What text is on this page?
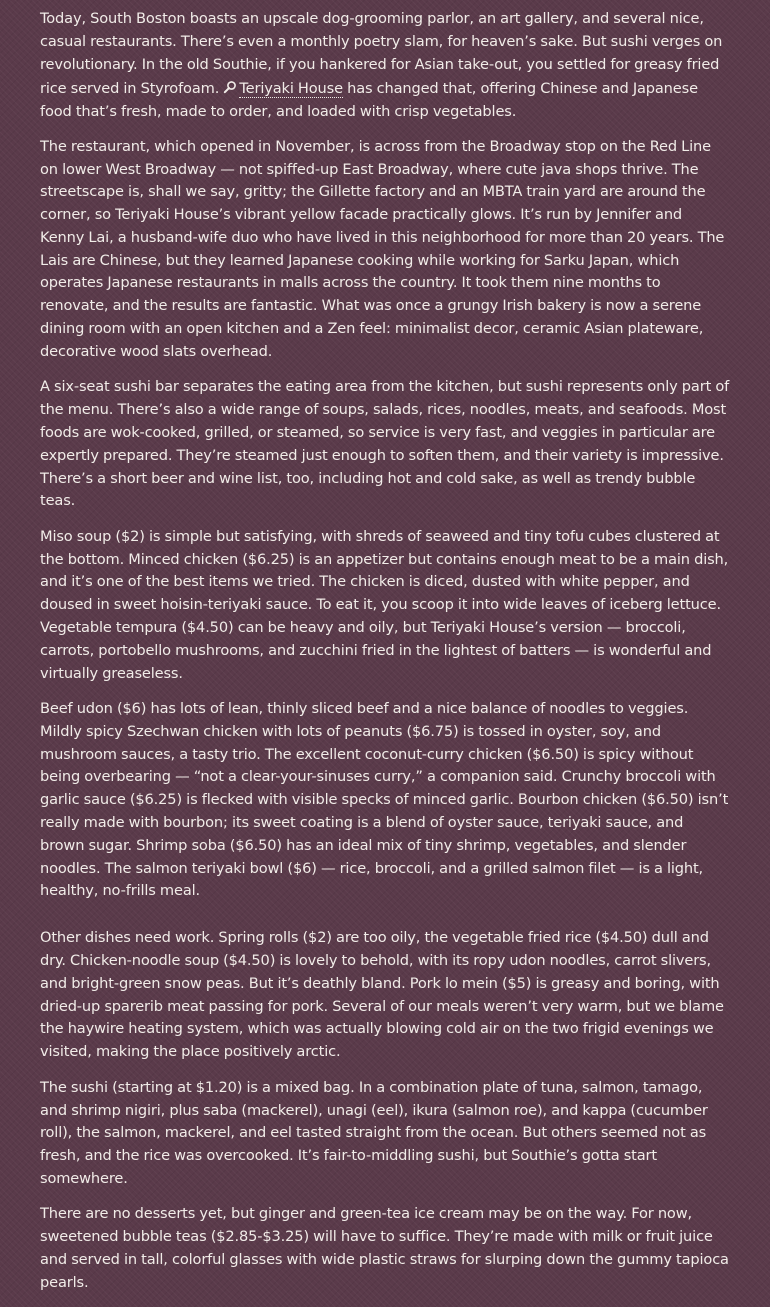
Today, South Boston boasts an upscale dog-grooming parlor, an art gallery, and several nice, casual restaurants. There’s even a monthly poetry slam, for heaven’s sake. But sushi verges on revolutionary. In the old Southie, if you hankered for Asian take-out, you settled for greasy fried rice served in Styrofoam. Teriyaki House has changed that, offering Chinese and Japanese food that’s fresh, made to order, and loaded with crisp vegetables.

The restaurant, which opened in November, is across from the Broadway stop on the Red Line on lower West Broadway — not spiffed-up East Broadway, where cute java shops thrive. The streetscape is, shall we say, gritty; the Gillette factory and an MBTA train yard are around the corner, so Teriyaki House’s vibrant yellow facade practically glows. It’s run by Jennifer and Kenny Lai, a husband-wife duo who have lived in this neighborhood for more than 20 years. The Lais are Chinese, but they learned Japanese cooking while working for Sarku Japan, which operates Japanese restaurants in malls across the country. It took them nine months to renovate, and the results are fantastic. What was once a grungy Irish bakery is now a serene dining room with an open kitchen and a Zen feel: minimalist decor, ceramic Asian plateware, decorative wood slats overhead.

A six-seat sushi bar separates the eating area from the kitchen, but sushi represents only part of the menu. There’s also a wide range of soups, salads, rices, noodles, meats, and seafoods. Most foods are wok-cooked, grilled, or steamed, so service is very fast, and veggies in particular are expertly prepared. They’re steamed just enough to soften them, and their variety is impressive. There’s a short beer and wine list, too, including hot and cold sake, as well as trendy bubble teas.

Miso soup ($2) is simple but satisfying, with shreds of seaweed and tiny tofu cubes clustered at the bottom. Minced chicken ($6.25) is an appetizer but contains enough meat to be a main dish, and it’s one of the best items we tried. The chicken is diced, dusted with white pepper, and doused in sweet hoisin-teriyaki sauce. To eat it, you scoop it into wide leaves of iceberg lettuce. Vegetable tempura ($4.50) can be heavy and oily, but Teriyaki House’s version — broccoli, carrots, portobello mushrooms, and zucchini fried in the lightest of batters — is wonderful and virtually greaseless.

Beef udon ($6) has lots of lean, thinly sliced beef and a nice balance of noodles to veggies. Mildly spicy Szechwan chicken with lots of peanuts ($6.75) is tossed in oyster, soy, and mushroom sauces, a tasty trio. The excellent coconut-curry chicken ($6.50) is spicy without being overbearing — “not a clear-your-sinuses curry,” a companion said. Crunchy broccoli with garlic sauce ($6.25) is flecked with visible specks of minced garlic. Bourbon chicken ($6.50) isn’t really made with bourbon; its sweet coating is a blend of oyster sauce, teriyaki sauce, and brown sugar. Shrimp soba ($6.50) has an ideal mix of tiny shrimp, vegetables, and slender noodles. The salmon teriyaki bowl ($6) — rice, broccoli, and a grilled salmon filet — is a light, healthy, no-frills meal.

Other dishes need work. Spring rolls ($2) are too oily, the vegetable fried rice ($4.50) dull and dry. Chicken-noodle soup ($4.50) is lovely to behold, with its ropy udon noodles, carrot slivers, and bright-green snow peas. But it’s deathly bland. Pork lo mein ($5) is greasy and boring, with dried-up sparerib meat passing for pork. Several of our meals weren’t very warm, but we blame the haywire heating system, which was actually blowing cold air on the two frigid evenings we visited, making the place positively arctic.

The sushi (starting at $1.20) is a mixed bag. In a combination plate of tuna, salmon, tamago, and shrimp nigiri, plus saba (mackerel), unagi (eel), ikura (salmon roe), and kappa (cucumber roll), the salmon, mackerel, and eel tasted straight from the ocean. But others seemed not as fresh, and the rice was overcooked. It’s fair-to-middling sushi, but Southie’s gotta start somewhere.

There are no desserts yet, but ginger and green-tea ice cream may be on the way. For now, sweetened bubble teas ($2.85-$3.25) will have to suffice. They’re made with milk or fruit juice and served in tall, colorful glasses with wide plastic straws for slurping down the gummy tapioca pearls.
